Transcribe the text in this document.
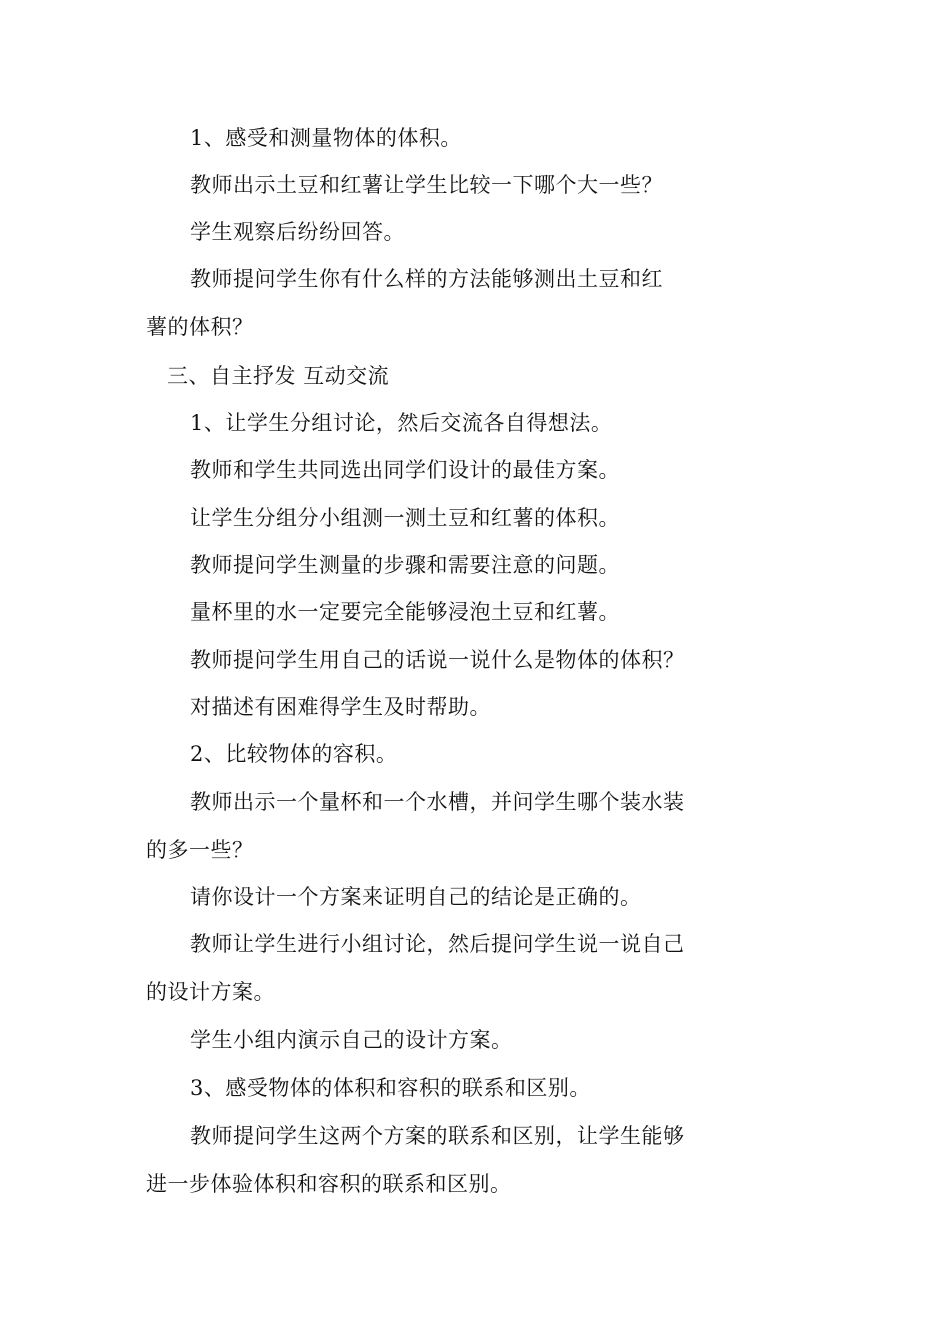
1、感受和测量物体的体积。
教师出示土豆和红薯让学生比较一下哪个大一些？
学生观察后纷纷回答。
教师提问学生你有什么样的方法能够测出土豆和红
薯的体积？
三、自主抒发 互动交流
1、让学生分组讨论，然后交流各自得想法。
教师和学生共同选出同学们设计的最佳方案。
让学生分组分小组测一测土豆和红薯的体积。
教师提问学生测量的步骤和需要注意的问题。
量杯里的水一定要完全能够浸泡土豆和红薯。
教师提问学生用自己的话说一说什么是物体的体积？
对描述有困难得学生及时帮助。
2、比较物体的容积。
教师出示一个量杯和一个水槽，并问学生哪个装水装
的多一些？
请你设计一个方案来证明自己的结论是正确的。
教师让学生进行小组讨论，然后提问学生说一说自己
的设计方案。
学生小组内演示自己的设计方案。
3、感受物体的体积和容积的联系和区别。
教师提问学生这两个方案的联系和区别，让学生能够
进一步体验体积和容积的联系和区别。
